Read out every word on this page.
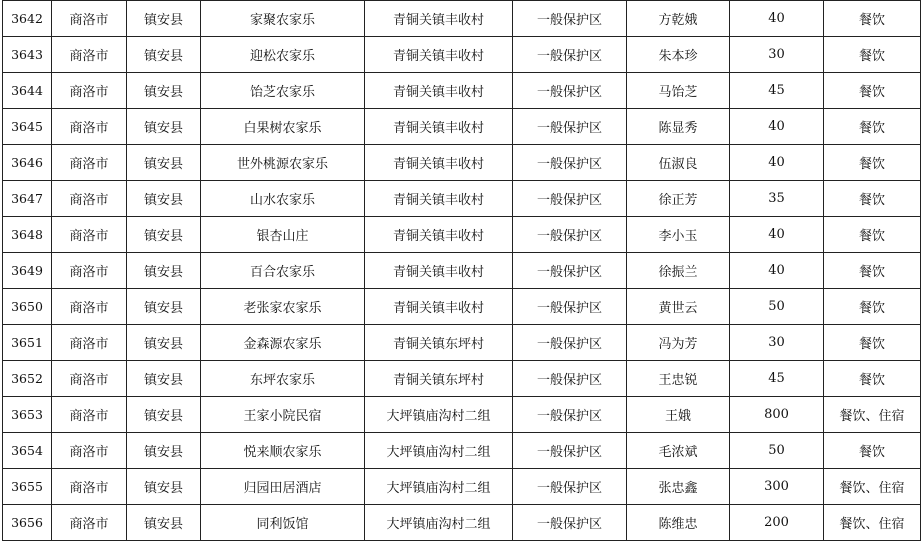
3642	商洛市	镇安县	家聚农家乐	青铜关镇丰收村	一般保护区	方乾娥	40	餐饮
3643	商洛市	镇安县	迎松农家乐	青铜关镇丰收村	一般保护区	朱本珍	30	餐饮
3644	商洛市	镇安县	饴芝农家乐	青铜关镇丰收村	一般保护区	马饴芝	45	餐饮
3645	商洛市	镇安县	白果树农家乐	青铜关镇丰收村	一般保护区	陈显秀	40	餐饮
3646	商洛市	镇安县	世外桃源农家乐	青铜关镇丰收村	一般保护区	伍淑良	40	餐饮
3647	商洛市	镇安县	山水农家乐	青铜关镇丰收村	一般保护区	徐正芳	35	餐饮
3648	商洛市	镇安县	银杏山庄	青铜关镇丰收村	一般保护区	李小玉	40	餐饮
3649	商洛市	镇安县	百合农家乐	青铜关镇丰收村	一般保护区	徐振兰	40	餐饮
3650	商洛市	镇安县	老张家农家乐	青铜关镇丰收村	一般保护区	黄世云	50	餐饮
3651	商洛市	镇安县	金森源农家乐	青铜关镇东坪村	一般保护区	冯为芳	30	餐饮
3652	商洛市	镇安县	东坪农家乐	青铜关镇东坪村	一般保护区	王忠锐	45	餐饮
3653	商洛市	镇安县	王家小院民宿	大坪镇庙沟村二组	一般保护区	王娥	800	餐饮、住宿
3654	商洛市	镇安县	悦来顺农家乐	大坪镇庙沟村二组	一般保护区	毛浓斌	50	餐饮
3655	商洛市	镇安县	归园田居酒店	大坪镇庙沟村二组	一般保护区	张忠鑫	300	餐饮、住宿
3656	商洛市	镇安县	同利饭馆	大坪镇庙沟村二组	一般保护区	陈维忠	200	餐饮、住宿
